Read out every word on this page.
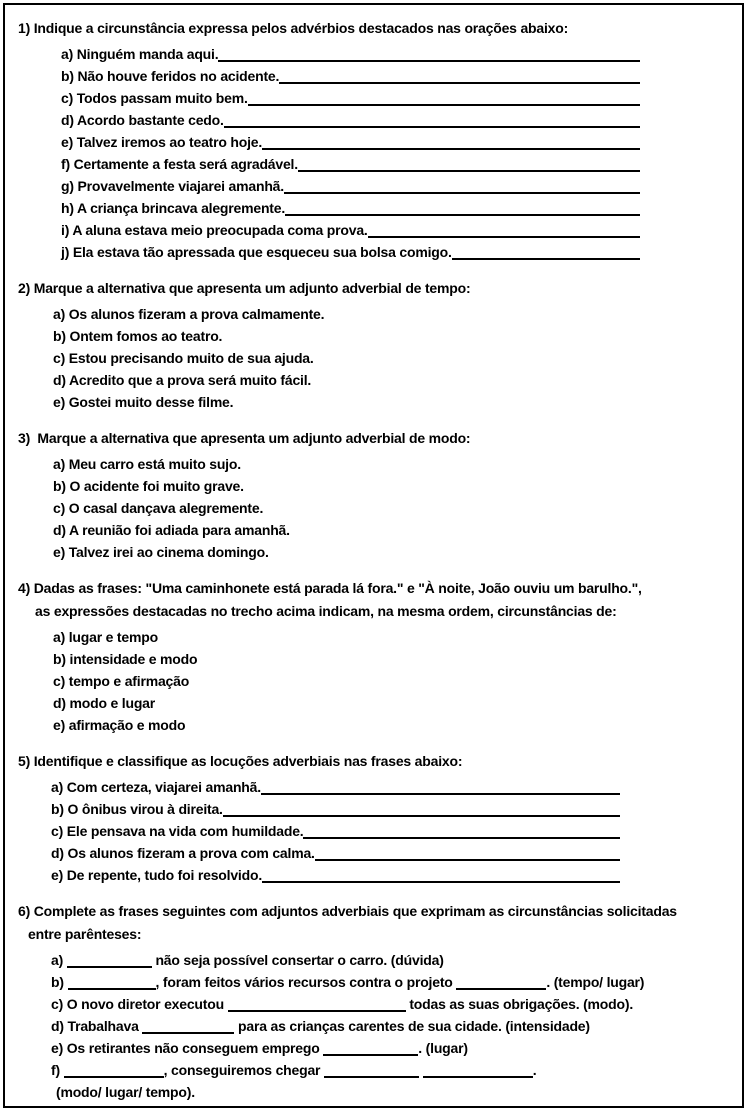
1) Indique a circunstância expressa pelos advérbios destacados nas orações abaixo:
a) Ninguém manda aqui.
b) Não houve feridos no acidente.
c) Todos passam muito bem.
d) Acordo bastante cedo.
e) Talvez iremos ao teatro hoje.
f) Certamente a festa será agradável.
g) Provavelmente viajarei amanhã.
h) A criança brincava alegremente.
i) A aluna estava meio preocupada coma prova.
j) Ela estava tão apressada que esqueceu sua bolsa comigo.
2) Marque a alternativa que apresenta um adjunto adverbial de tempo:
a) Os alunos fizeram a prova calmamente.
b) Ontem fomos ao teatro.
c) Estou precisando muito de sua ajuda.
d) Acredito que a prova será muito fácil.
e) Gostei muito desse filme.
3)  Marque a alternativa que apresenta um adjunto adverbial de modo:
a) Meu carro está muito sujo.
b) O acidente foi muito grave.
c) O casal dançava alegremente.
d) A reunião foi adiada para amanhã.
e) Talvez irei ao cinema domingo.
4) Dadas as frases: "Uma caminhonete está parada lá fora." e "À noite, João ouviu um barulho.",
as expressões destacadas no trecho acima indicam, na mesma ordem, circunstâncias de:
a) lugar e tempo
b) intensidade e modo
c) tempo e afirmação
d) modo e lugar
e) afirmação e modo
5) Identifique e classifique as locuções adverbiais nas frases abaixo:
a) Com certeza, viajarei amanhã.
b) O ônibus virou à direita.
c) Ele pensava na vida com humildade.
d) Os alunos fizeram a prova com calma.
e) De repente, tudo foi resolvido.
6) Complete as frases seguintes com adjuntos adverbiais que exprimam as circunstâncias solicitadas
entre parênteses:
a)	não seja possível consertar o carro. (dúvida)
b)	, foram feitos vários recursos contra o projeto	. (tempo/ lugar)
c) O novo diretor executou	todas as suas obrigações. (modo).
d) Trabalhava	para as crianças carentes de sua cidade. (intensidade)
e) Os retirantes não conseguem emprego	. (lugar)
f)	, conseguiremos chegar	.
(modo/ lugar/ tempo).
